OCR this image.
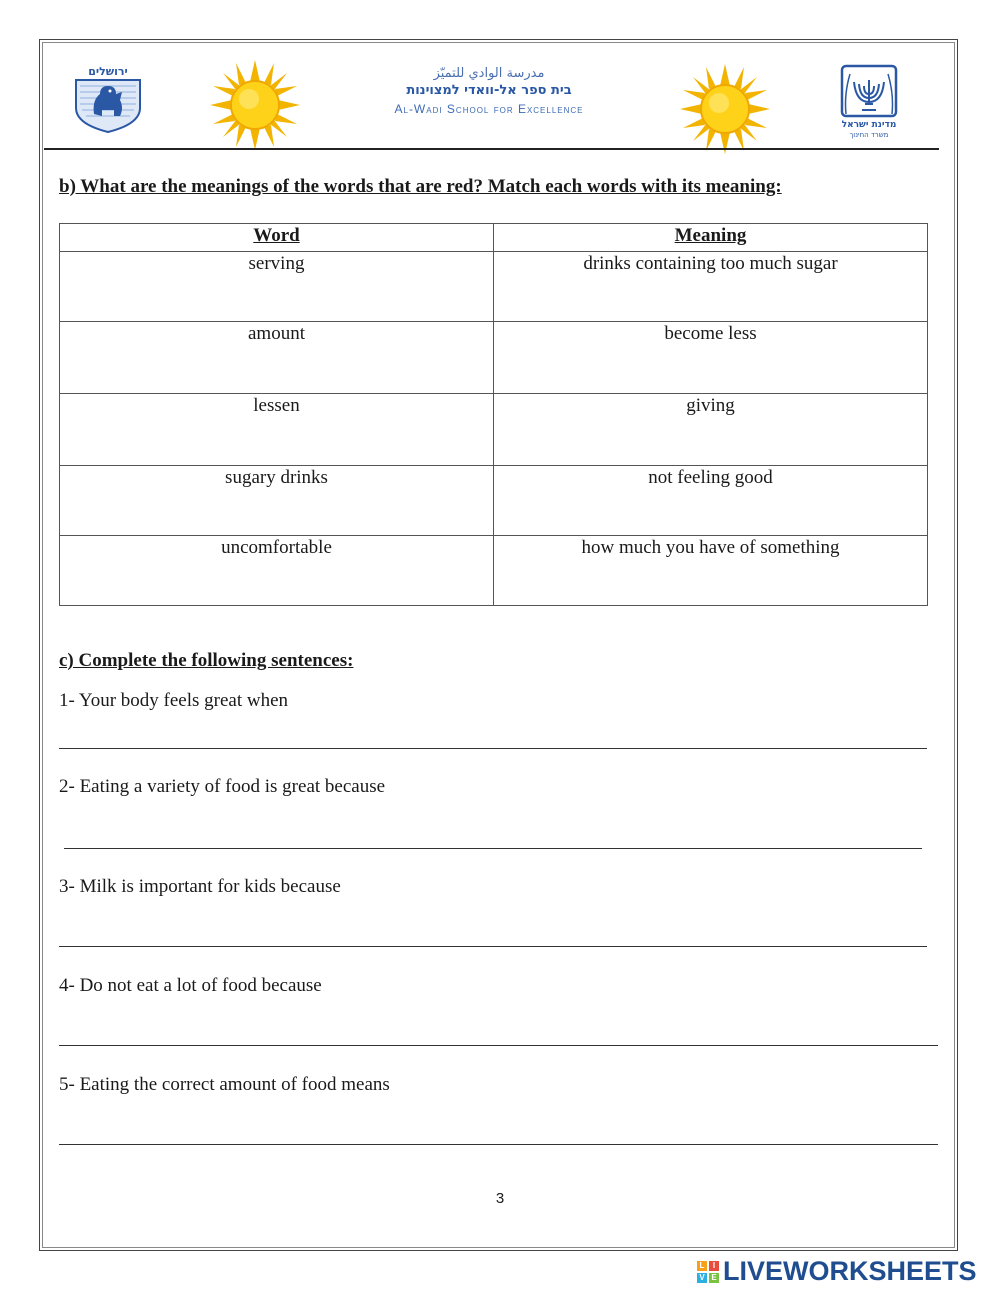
ירושלים	مدرسة الوادي للتميّز
בית ספר אל-וואדי למצוינות
Al-Wadi School for Excellence
מדינת ישראל
משרד החינוך
b) What are the meanings of the words that are red? Match each words with its meaning:
Word	Meaning
serving	drinks containing too much sugar
amount	become less
lessen	giving
sugary drinks	not feeling good
uncomfortable	how much you have of something
c) Complete the following sentences:
1- Your body feels great when
2- Eating a variety of food is great because
3- Milk is important for kids because
4- Do not eat a lot of food because
5- Eating the correct amount of food means
3
L	I
V E LIVEWORKSHEETS
